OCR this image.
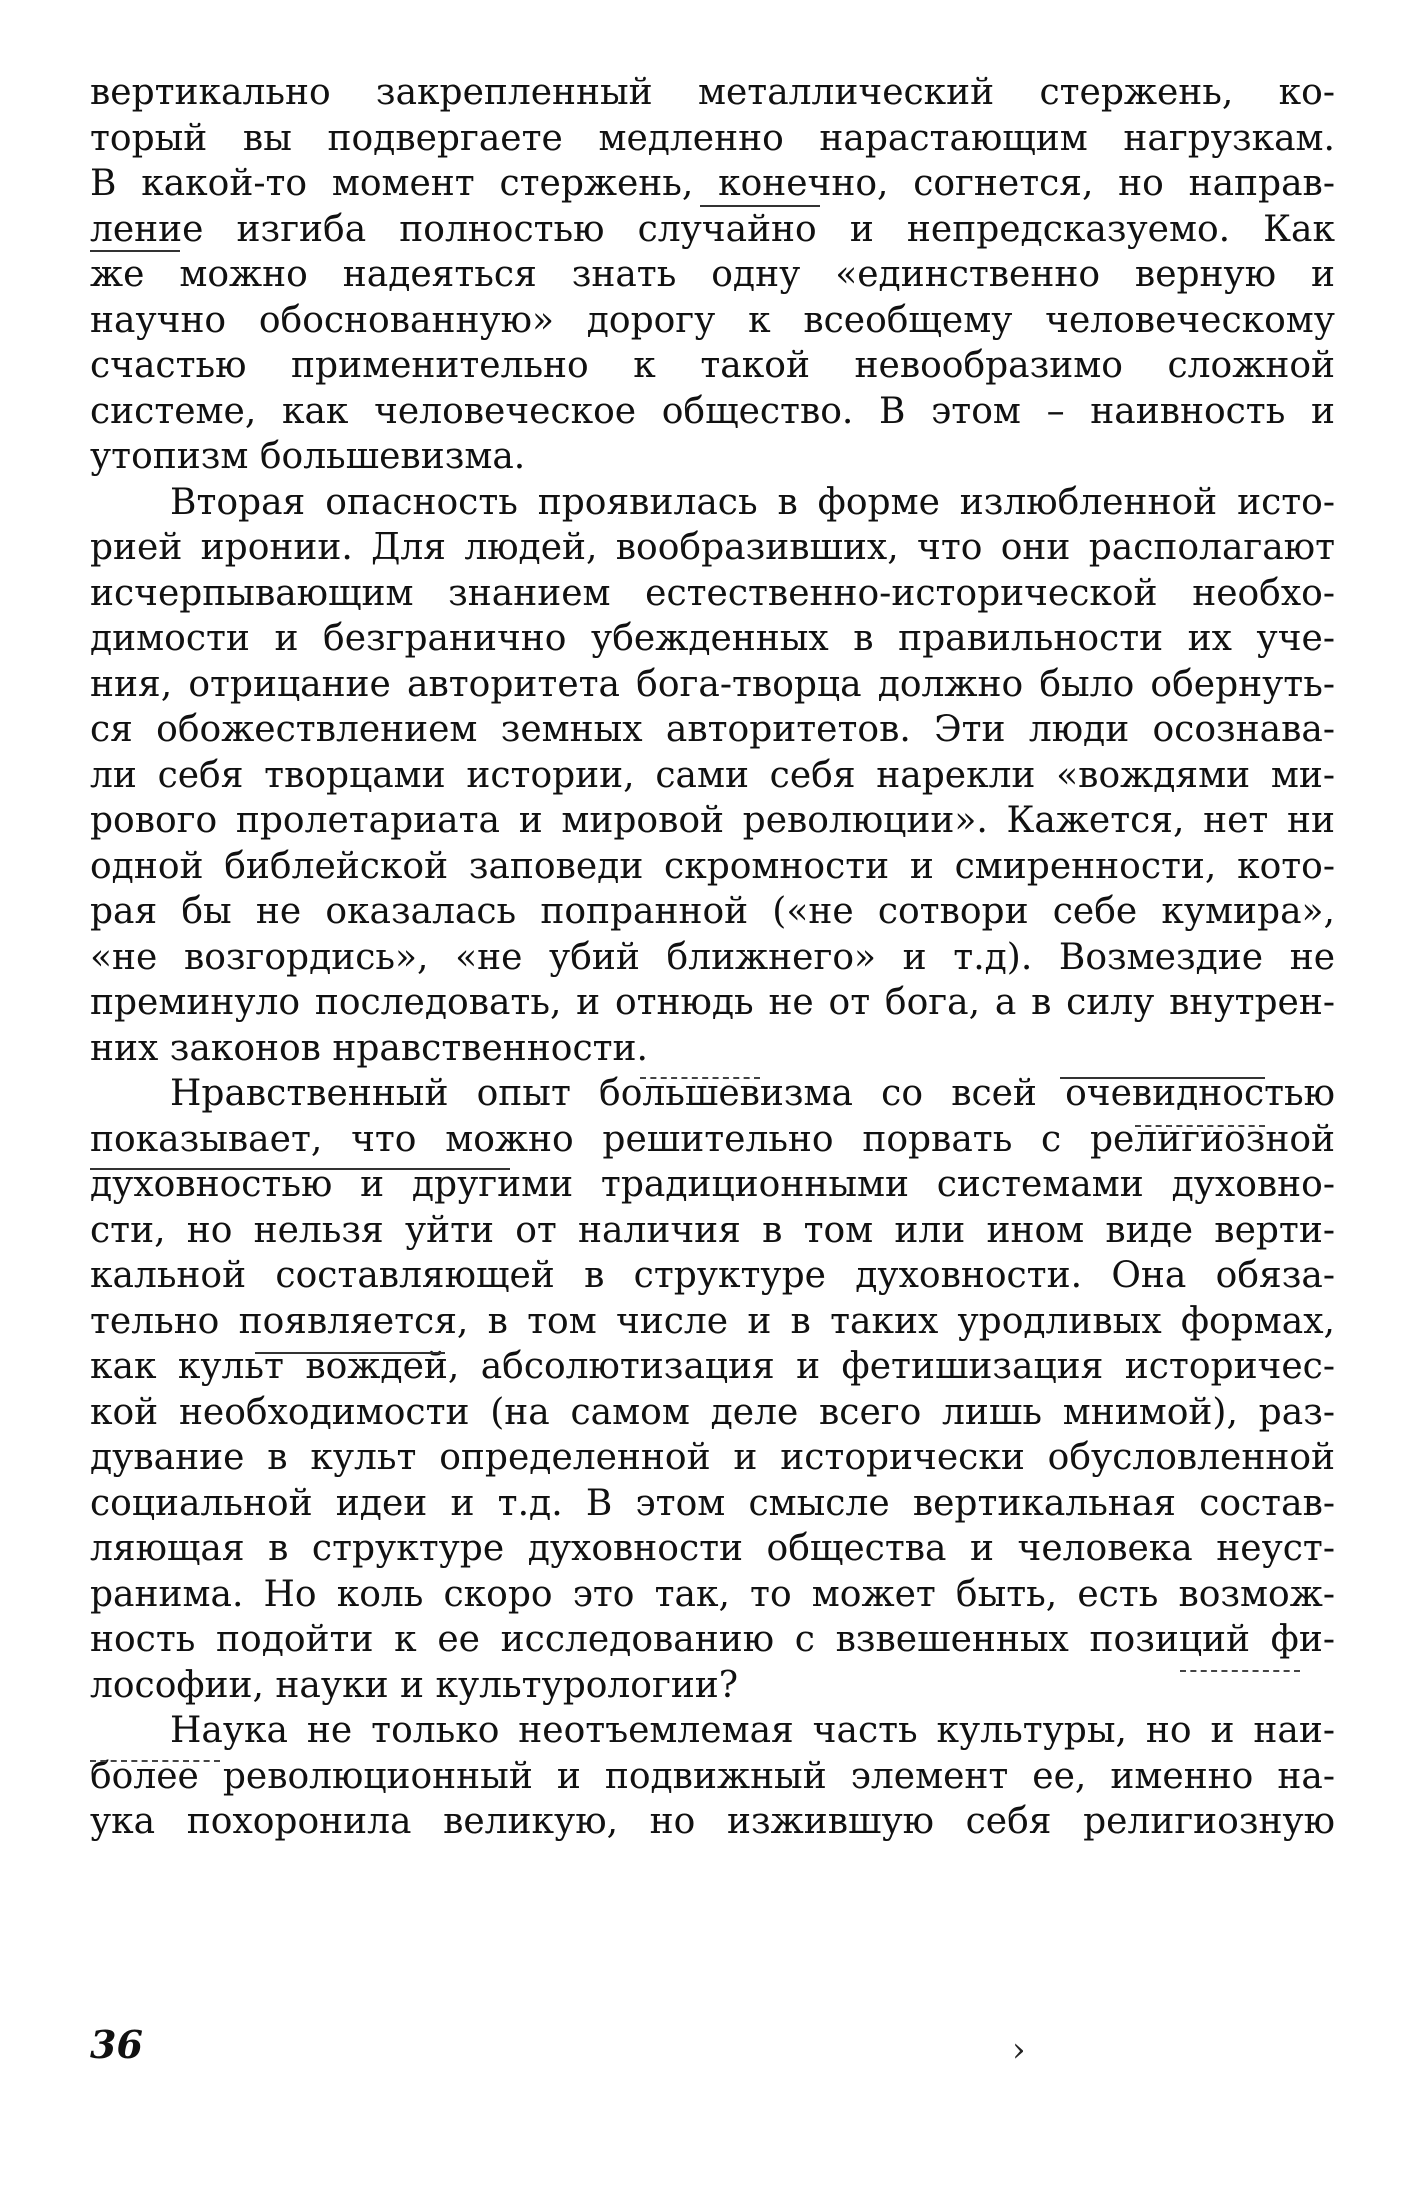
вертикально закрепленный металлический стержень, ко-
торый вы подвергаете медленно нарастающим нагрузкам.
В какой-то момент стержень, конечно, согнется, но направ-
ление изгиба полностью случайно и непредсказуемо. Как
же можно надеяться знать одну «единственно верную и
научно обоснованную» дорогу к всеобщему человеческому
счастью применительно к такой невообразимо сложной
системе, как человеческое общество. В этом – наивность и
утопизм большевизма.
Вторая опасность проявилась в форме излюбленной исто-
рией иронии. Для людей, вообразивших, что они располагают
исчерпывающим знанием естественно-исторической необхо-
димости и безгранично убежденных в правильности их уче-
ния, отрицание авторитета бога-творца должно было обернуть-
ся обожествлением земных авторитетов. Эти люди осознава-
ли себя творцами истории, сами себя нарекли «вождями ми-
рового пролетариата и мировой революции». Кажется, нет ни
одной библейской заповеди скромности и смиренности, кото-
рая бы не оказалась попранной («не сотвори себе кумира»,
«не возгордись», «не убий ближнего» и т.д). Возмездие не
преминуло последовать, и отнюдь не от бога, а в силу внутрен-
них законов нравственности.
Нравственный опыт большевизма со всей очевидностью
показывает, что можно решительно порвать с религиозной
духовностью и другими традиционными системами духовно-
сти, но нельзя уйти от наличия в том или ином виде верти-
кальной составляющей в структуре духовности. Она обяза-
тельно появляется, в том числе и в таких уродливых формах,
как культ вождей, абсолютизация и фетишизация историчес-
кой необходимости (на самом деле всего лишь мнимой), раз-
дувание в культ определенной и исторически обусловленной
социальной идеи и т.д. В этом смысле вертикальная состав-
ляющая в структуре духовности общества и человека неуст-
ранима. Но коль скоро это так, то может быть, есть возмож-
ность подойти к ее исследованию с взвешенных позиций фи-
лософии, науки и культурологии?
Наука не только неотъемлемая часть культуры, но и наи-
более революционный и подвижный элемент ее, именно на-
ука похоронила великую, но изжившую себя религиозную
36	›
